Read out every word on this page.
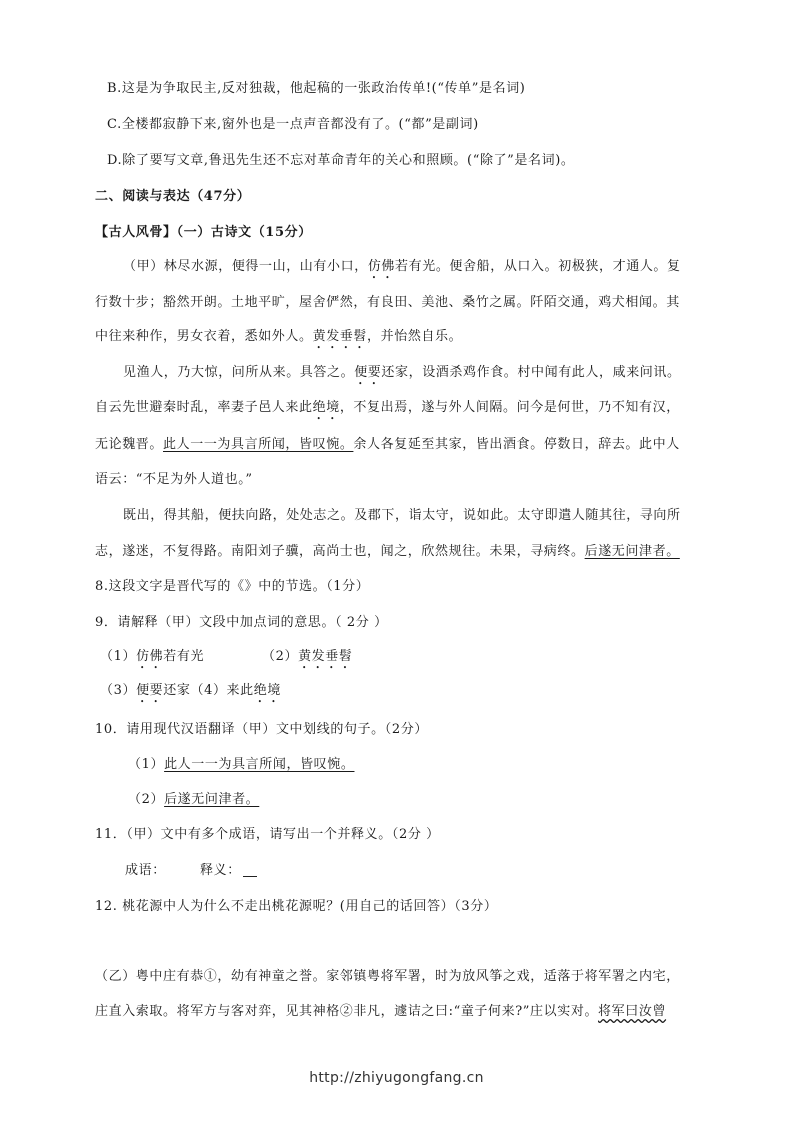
B.这是为争取民主,反对独裁，他起稿的一张政治传单!(“传单”是名词)
C.全楼都寂静下来,窗外也是一点声音都没有了。(“都”是副词)
D.除了要写文章,鲁迅先生还不忘对革命青年的关心和照顾。(“除了”是名词)。
二、阅读与表达（47分）
【古人风骨】（一）古诗文（15分）
（甲）林尽水源，便得一山，山有小口，仿佛若有光。便舍船，从口入。初极狭，才通人。复
行数十步；豁然开朗。土地平旷，屋舍俨然，有良田、美池、桑竹之属。阡陌交通，鸡犬相闻。其
中往来种作，男女衣着，悉如外人。黄发垂髫，并怡然自乐。
见渔人，乃大惊，问所从来。具答之。便要还家，设酒杀鸡作食。村中闻有此人，咸来问讯。
自云先世避秦时乱，率妻子邑人来此绝境，不复出焉，遂与外人间隔。问今是何世，乃不知有汉，
无论魏晋。此人一一为具言所闻，皆叹惋。余人各复延至其家，皆出酒食。停数日，辞去。此中人
语云：“不足为外人道也。”
既出，得其船，便扶向路，处处志之。及郡下，诣太守，说如此。太守即遣人随其往，寻向所
志，遂迷，不复得路。南阳刘子骥，高尚士也，闻之，欣然规往。未果，寻病终。后遂无问津者。
8.这段文字是晋代写的《》中的节选。（1分）
9．请解释（甲）文段中加点词的意思。（ 2分 ）
（1）仿佛若有光	（2）黄发垂髫
（3）便要还家（4）来此绝境
10．请用现代汉语翻译（甲）文中划线的句子。（2分）
（1）此人一一为具言所闻，皆叹惋。
（2）后遂无问津者。
11．（甲）文中有多个成语，请写出一个并释义。（2分 ）
成语：	释义：
12. 桃花源中人为什么不走出桃花源呢？(用自己的话回答）（3分）
（乙）粤中庄有恭①，幼有神童之誉。家邻镇粤将军署，时为放风筝之戏，适落于将军署之内宅，
庄直入索取。将军方与客对弈，见其神格②非凡，遽诘之曰:“童子何来?”庄以实对。将军曰汝曾
http://zhiyugongfang.cn
